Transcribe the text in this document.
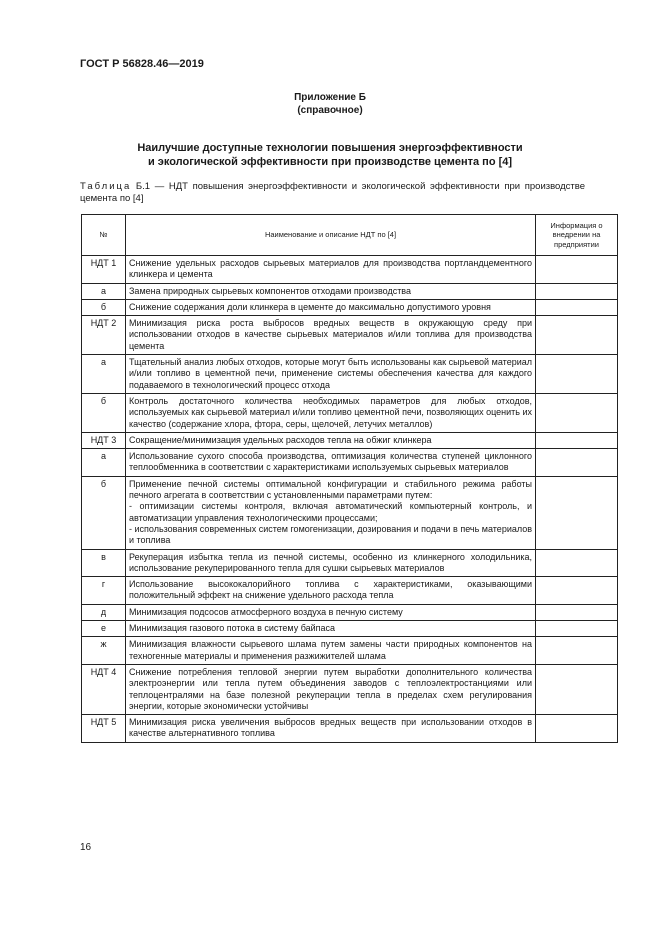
ГОСТ Р 56828.46—2019
Приложение Б
(справочное)
Наилучшие доступные технологии повышения энергоэффективности
и экологической эффективности при производстве цемента по [4]
Таблица Б.1 — НДТ повышения энергоэффективности и экологической эффективности при производстве цемента по [4]
№	Наименование и описание НДТ по [4]	Информация о внедрении на предприятии
НДТ 1	Снижение удельных расходов сырьевых материалов для производства портландцементного клинкера и цемента	
а	Замена природных сырьевых компонентов отходами производства	
б	Снижение содержания доли клинкера в цементе до максимально допустимого уровня	
НДТ 2	Минимизация риска роста выбросов вредных веществ в окружающую среду при использовании отходов в качестве сырьевых материалов и/или топлива для производства цемента	
а	Тщательный анализ любых отходов, которые могут быть использованы как сырьевой материал и/или топливо в цементной печи, применение системы обеспечения качества для каждого подаваемого в технологический процесс отхода	
б	Контроль достаточного количества необходимых параметров для любых отходов, используемых как сырьевой материал и/или топливо цементной печи, позволяющих оценить их качество (содержание хлора, фтора, серы, щелочей, летучих металлов)	
НДТ 3	Сокращение/минимизация удельных расходов тепла на обжиг клинкера	
а	Использование сухого способа производства, оптимизация количества ступеней циклонного теплообменника в соответствии с характеристиками используемых сырьевых материалов	
б	Применение печной системы оптимальной конфигурации и стабильного режима работы печного агрегата в соответствии с установленными параметрами путем:
- оптимизации системы контроля, включая автоматический компьютерный контроль, и автоматизации управления технологическими процессами;
- использования современных систем гомогенизации, дозирования и подачи в печь материалов и топлива	
в	Рекуперация избытка тепла из печной системы, особенно из клинкерного холодильника, использование рекуперированного тепла для сушки сырьевых материалов	
г	Использование высококалорийного топлива с характеристиками, оказывающими положительный эффект на снижение удельного расхода тепла	
д	Минимизация подсосов атмосферного воздуха в печную систему	
е	Минимизация газового потока в систему байпаса	
ж	Минимизация влажности сырьевого шлама путем замены части природных компонентов на техногенные материалы и применения разжижителей шлама	
НДТ 4	Снижение потребления тепловой энергии путем выработки дополнительного количества электроэнергии или тепла путем объединения заводов с теплоэлектростанциями или теплоцентралями на базе полезной рекуперации тепла в пределах схем регулирования энергии, которые экономически устойчивы	
НДТ 5	Минимизация риска увеличения выбросов вредных веществ при использовании отходов в качестве альтернативного топлива	
16
